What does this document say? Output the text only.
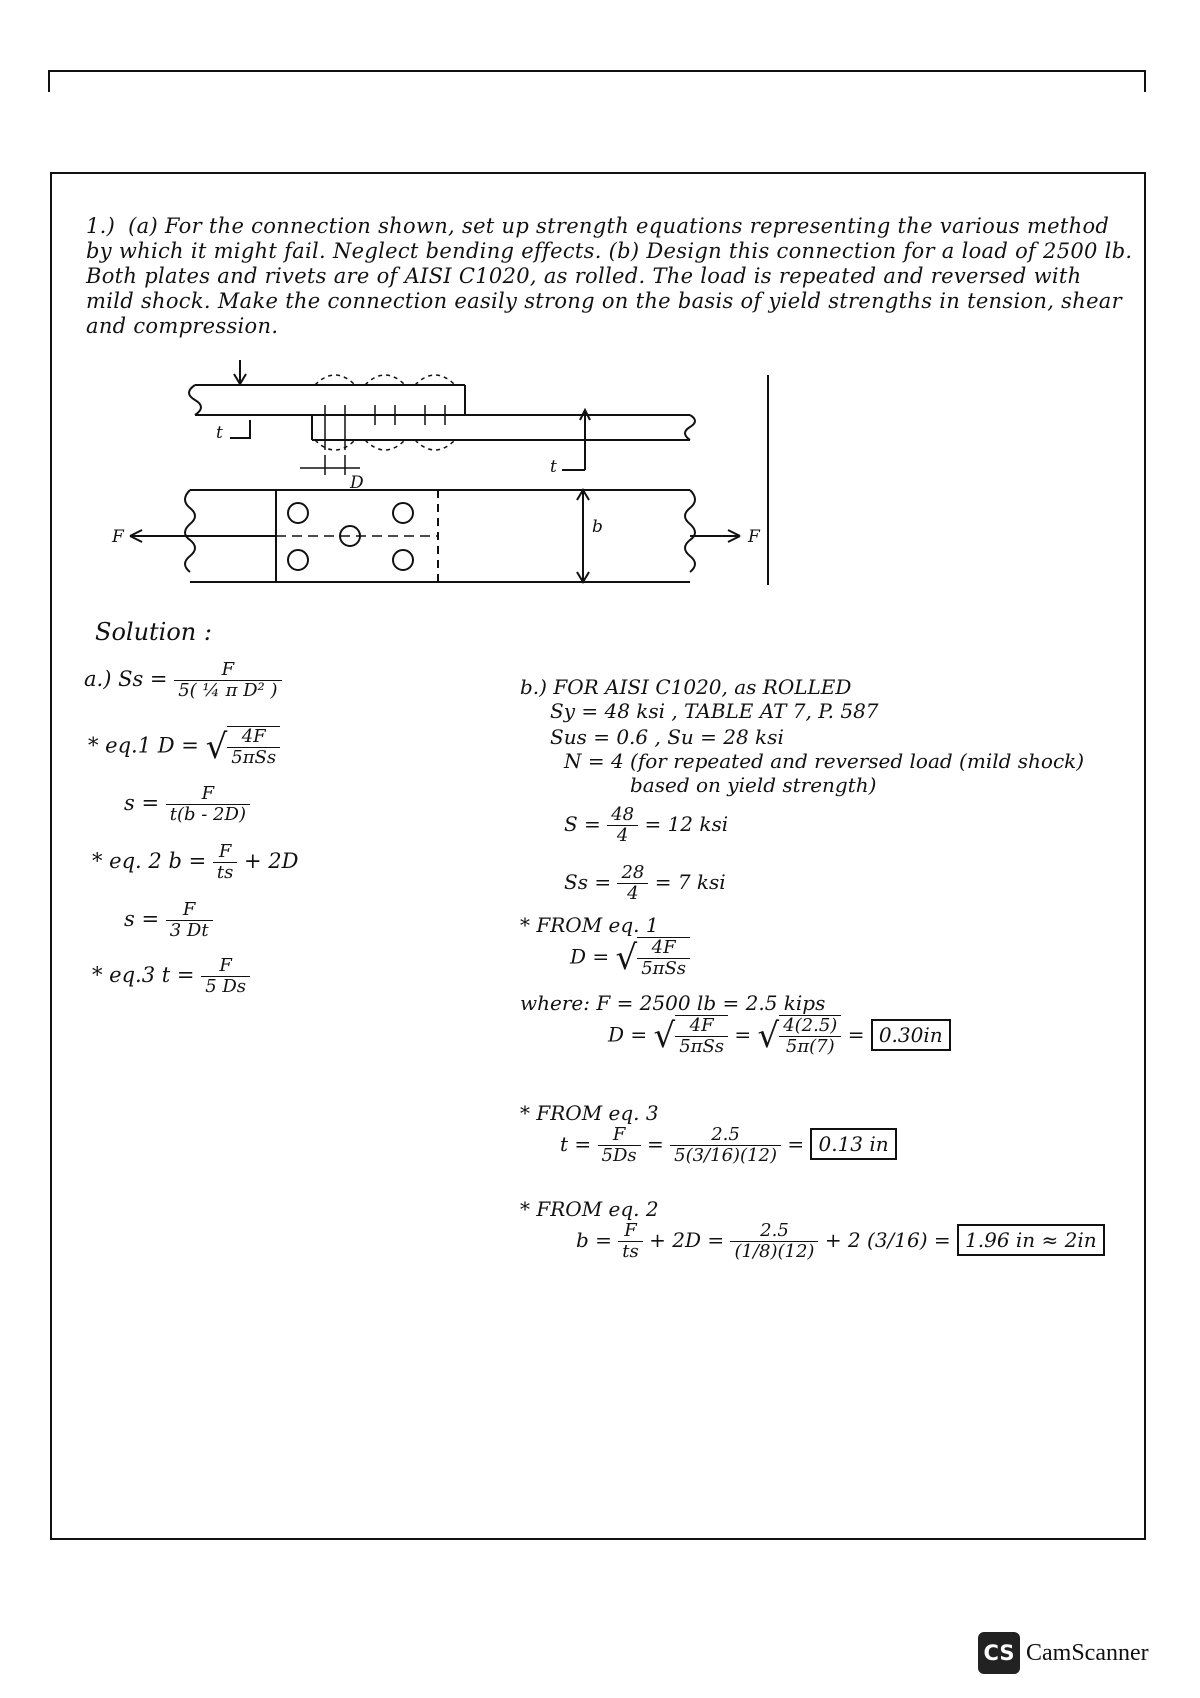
1.) (a) For the connection shown, set up strength equations representing the various method by which it might fail. Neglect bending effects. (b) Design this connection for a load of 2500 lb. Both plates and rivets are of AISI C1020, as rolled. The load is repeated and reversed with mild shock. Make the connection easily strong on the basis of yield strengths in tension, shear and compression.
t
t
D
b
F	F
Solution :
a.) $Ss = \frac{F}{\text{5( ¼ π D² )}}$
* eq.1 D = √ $\frac{4F}{\text{5πSs}}$
$s = \frac{F}{t(b - 2D)}$
* eq. 2 $b = \frac{F}{ts} + 2D$
$s = \frac{F}{3 Dt}$
* eq.3 $t = \frac{F}{5 Ds}$
b.) FOR AISI C1020, as ROLLED
Sy = 48 ksi , TABLE AT 7, P. 587
Sus = 0.6 , Su = 28 ksi
N = 4 (for repeated and reversed load (mild shock)
based on yield strength)
$S = \frac{48}{4} = 12$ ksi
$Ss = \frac{28}{4} = 7$ ksi
* FROM eq. 1
D = √ $\frac{4F}{\text{5πSs}}$
where: F = 2500 lb = 2.5 kips
D = √ $\frac{4F}{\text{5πSs}}$ = √ $\frac{4(2.5)}{5\pi(7)} = 0.30in$
* FROM eq. 3
$t = \frac{F}{5Ds} = \frac{2.5}{5(3/16)(12)} = 0.13$ in
* FROM eq. 2
$b = \frac{F}{ts} + 2D = \frac{2.5}{(1/8)(12)} + 2$ (3/16) = 1.96 in ≈ 2in
CS CamScanner
